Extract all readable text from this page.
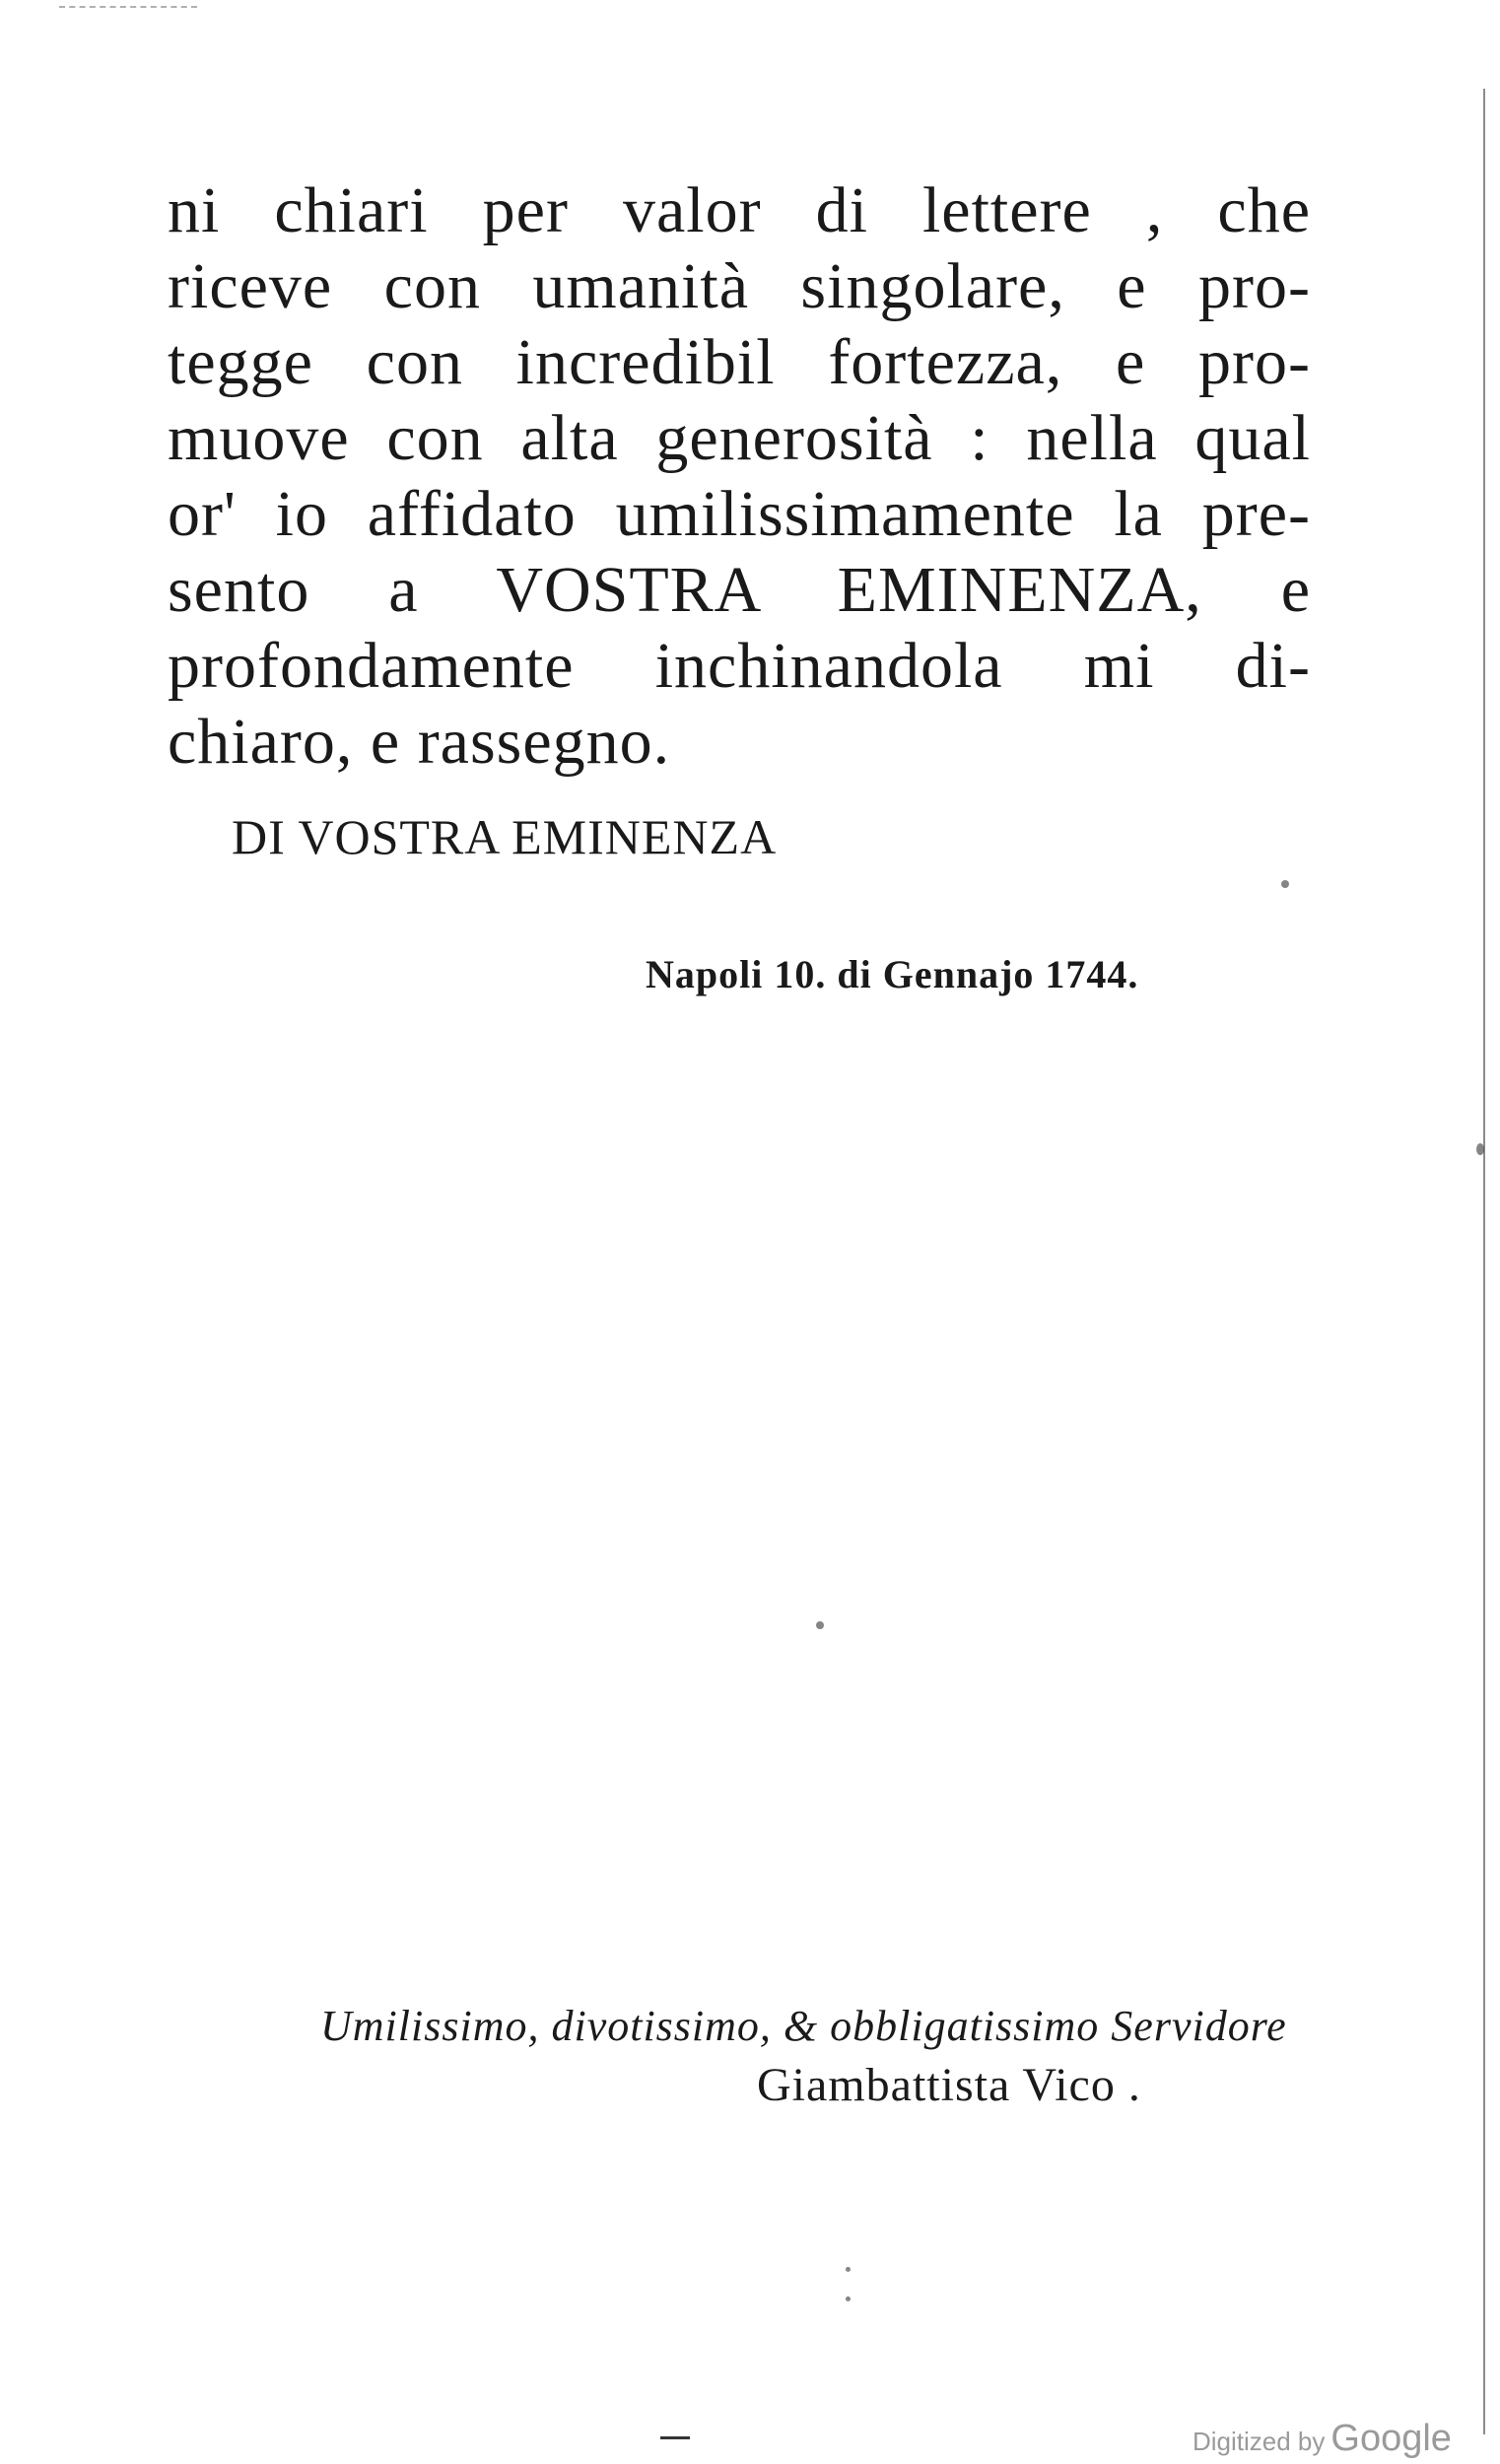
ni chiari per valor di lettere , che
riceve con umanità singolare, e pro-
tegge con incredibil fortezza, e pro-
muove con alta generosità : nella qual
or' io affidato umilissimamente la pre-
sento a VOSTRA EMINENZA, e
profondamente inchinandola mi di-
chiaro, e rassegno.
DI VOSTRA EMINENZA
Napoli 10. di Gennajo 1744.
Umilissimo, divotissimo, & obbligatissimo Servidore
Giambattista Vico .
Digitized by Google
